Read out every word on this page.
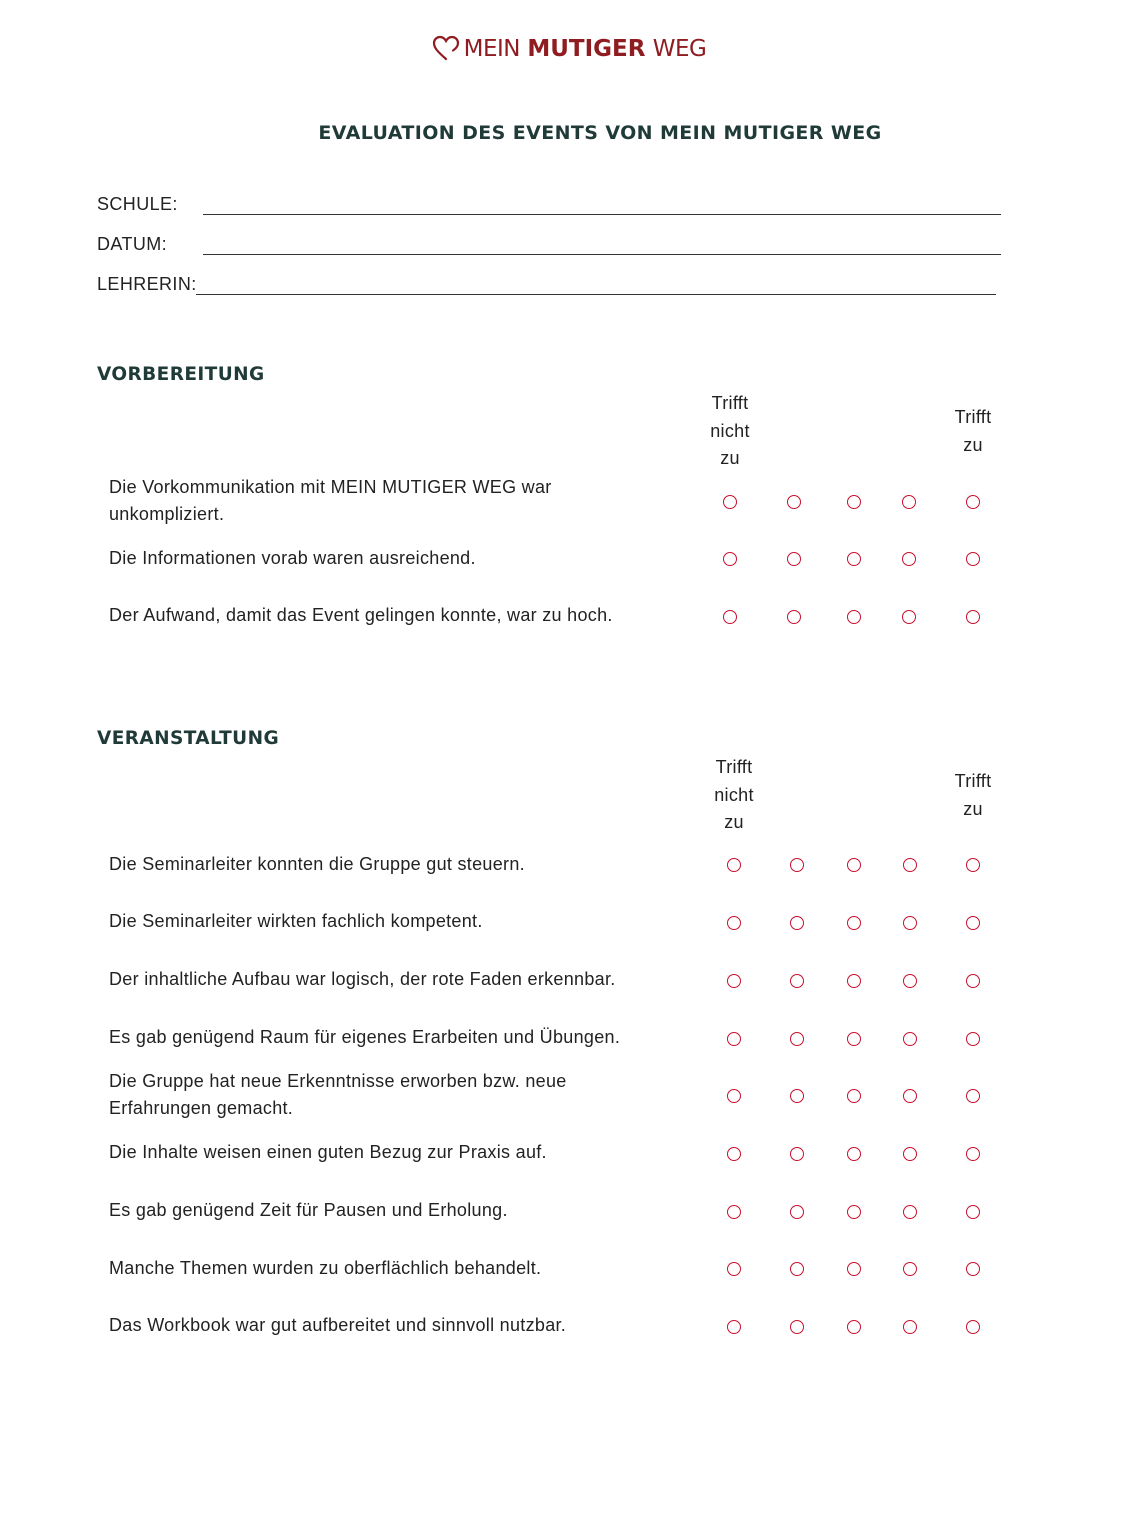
MEIN MUTIGER WEG
EVALUATION DES EVENTS VON MEIN MUTIGER WEG
SCHULE:
DATUM:
LEHRERIN:
VORBEREITUNG
Trifft
nicht
zu
Trifft
zu
Die Vorkommunikation mit MEIN MUTIGER WEG war unkompliziert.
Die Informationen vorab waren ausreichend.
Der Aufwand, damit das Event gelingen konnte, war zu hoch.
VERANSTALTUNG
Trifft
nicht
zu
Trifft
zu
Die Seminarleiter konnten die Gruppe gut steuern.
Die Seminarleiter wirkten fachlich kompetent.
Der inhaltliche Aufbau war logisch, der rote Faden erkennbar.
Es gab genügend Raum für eigenes Erarbeiten und Übungen.
Die Gruppe hat neue Erkenntnisse erworben bzw. neue Erfahrungen gemacht.
Die Inhalte weisen einen guten Bezug zur Praxis auf.
Es gab genügend Zeit für Pausen und Erholung.
Manche Themen wurden zu oberflächlich behandelt.
Das Workbook war gut aufbereitet und sinnvoll nutzbar.
